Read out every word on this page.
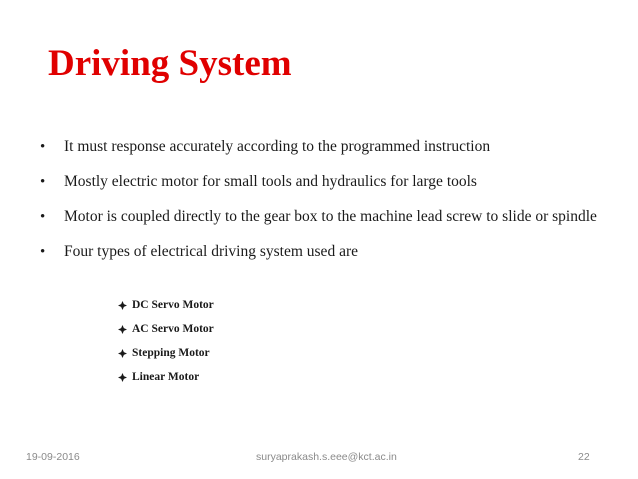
Driving System
• It must response accurately according to the programmed instruction
• Mostly electric motor for small tools and hydraulics for large tools
• Motor is coupled directly to the gear box to the machine lead screw to slide or spindle
• Four types of electrical driving system used are
DC Servo Motor
AC Servo Motor
Stepping Motor
Linear Motor
19-09-2016	suryaprakash.s.eee@kct.ac.in	22
